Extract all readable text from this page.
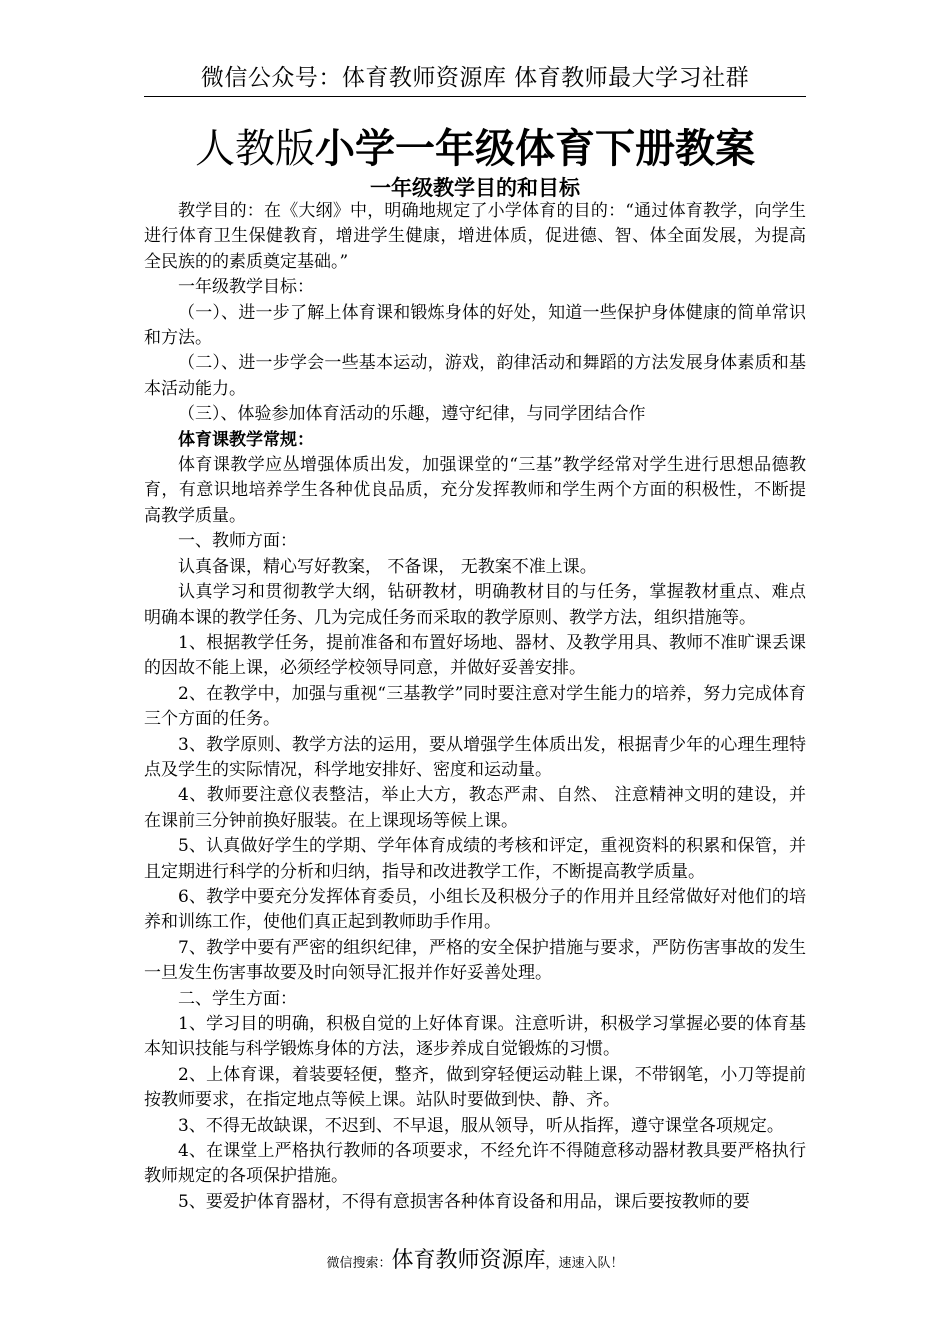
微信公众号：体育教师资源库 体育教师最大学习社群
人教版小学一年级体育下册教案
一年级教学目的和目标

教学目的：在《大纲》中，明确地规定了小学体育的目的：“通过体育教学，向学生进行体育卫生保健教育，增进学生健康，增进体质，促进德、智、体全面发展，为提高全民族的的素质奠定基础。”

一年级教学目标：

（一）、进一步了解上体育课和锻炼身体的好处，知道一些保护身体健康的简单常识和方法。

（二）、进一步学会一些基本运动，游戏，韵律活动和舞蹈的方法发展身体素质和基本活动能力。

（三）、体验参加体育活动的乐趣，遵守纪律，与同学团结合作

体育课教学常规：

体育课教学应丛增强体质出发，加强课堂的“三基”教学经常对学生进行思想品德教育，有意识地培养学生各种优良品质，充分发挥教师和学生两个方面的积极性，不断提高教学质量。

一、教师方面：

认真备课，精心写好教案， 不备课， 无教案不准上课。

认真学习和贯彻教学大纲，钻研教材，明确教材目的与任务，掌握教材重点、难点明确本课的教学任务、几为完成任务而采取的教学原则、教学方法，组织措施等。

1、根据教学任务，提前准备和布置好场地、器材、及教学用具、教师不准旷课丢课的因故不能上课，必须经学校领导同意，并做好妥善安排。

2、在教学中，加强与重视“三基教学”同时要注意对学生能力的培养，努力完成体育三个方面的任务。

3、教学原则、教学方法的运用，要从增强学生体质出发，根据青少年的心理生理特点及学生的实际情况，科学地安排好、密度和运动量。

4、教师要注意仪表整洁，举止大方，教态严肃、自然、 注意精神文明的建设，并在课前三分钟前换好服装。在上课现场等候上课。

5、认真做好学生的学期、学年体育成绩的考核和评定，重视资料的积累和保管，并且定期进行科学的分析和归纳，指导和改进教学工作，不断提高教学质量。

6、教学中要充分发挥体育委员，小组长及积极分子的作用并且经常做好对他们的培养和训练工作，使他们真正起到教师助手作用。

7、教学中要有严密的组织纪律，严格的安全保护措施与要求，严防伤害事故的发生一旦发生伤害事故要及时向领导汇报并作好妥善处理。

二、学生方面：

1、学习目的明确，积极自觉的上好体育课。注意听讲，积极学习掌握必要的体育基本知识技能与科学锻炼身体的方法，逐步养成自觉锻炼的习惯。

2、上体育课，着装要轻便，整齐，做到穿轻便运动鞋上课，不带钢笔，小刀等提前按教师要求，在指定地点等候上课。站队时要做到快、静、齐。

3、不得无故缺课，不迟到、不早退，服从领导，听从指挥，遵守课堂各项规定。

4、在课堂上严格执行教师的各项要求，不经允许不得随意移动器材教具要严格执行教师规定的各项保护措施。

5、要爱护体育器材，不得有意损害各种体育设备和用品，课后要按教师的要

微信搜索：体育教师资源库，速速入队！
